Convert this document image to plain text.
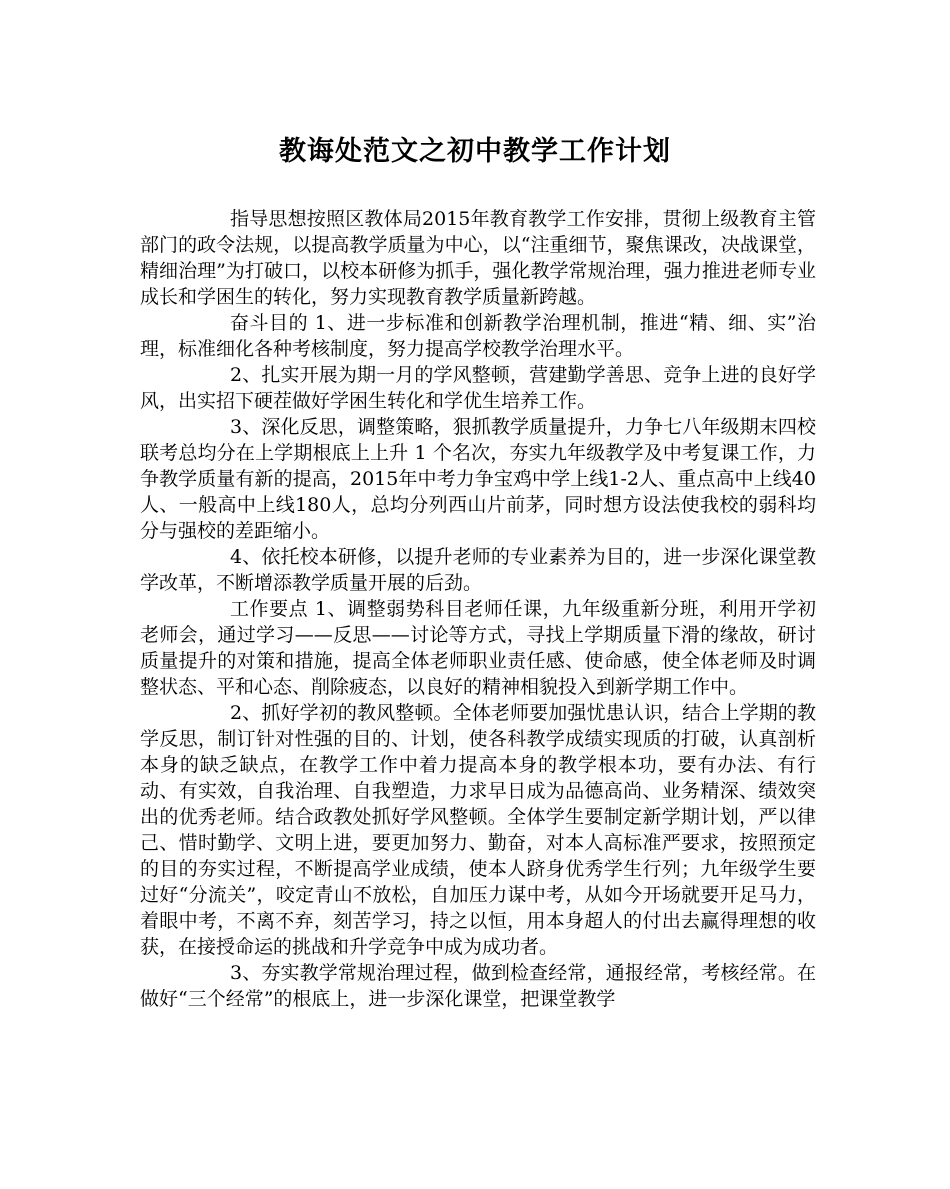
教诲处范文之初中教学工作计划

指导思想按照区教体局2015年教育教学工作安排，贯彻上级教育主管部门的政令法规，以提高教学质量为中心，以“注重细节，聚焦课改，决战课堂，精细治理”为打破口，以校本研修为抓手，强化教学常规治理，强力推进老师专业成长和学困生的转化，努力实现教育教学质量新跨越。

奋斗目的 1、进一步标准和创新教学治理机制，推进“精、细、实”治理，标准细化各种考核制度，努力提高学校教学治理水平。

2、扎实开展为期一月的学风整顿，营建勤学善思、竞争上进的良好学风，出实招下硬茬做好学困生转化和学优生培养工作。

3、深化反思，调整策略，狠抓教学质量提升，力争七八年级期末四校联考总均分在上学期根底上上升 1 个名次，夯实九年级教学及中考复课工作，力争教学质量有新的提高，2015年中考力争宝鸡中学上线1-2人、重点高中上线40人、一般高中上线180人，总均分列西山片前茅，同时想方设法使我校的弱科均分与强校的差距缩小。

4、依托校本研修，以提升老师的专业素养为目的，进一步深化课堂教学改革，不断增添教学质量开展的后劲。

工作要点 1、调整弱势科目老师任课，九年级重新分班，利用开学初老师会，通过学习——反思——讨论等方式，寻找上学期质量下滑的缘故，研讨质量提升的对策和措施，提高全体老师职业责任感、使命感，使全体老师及时调整状态、平和心态、削除疲态，以良好的精神相貌投入到新学期工作中。

2、抓好学初的教风整顿。全体老师要加强忧患认识，结合上学期的教学反思，制订针对性强的目的、计划，使各科教学成绩实现质的打破，认真剖析本身的缺乏缺点，在教学工作中着力提高本身的教学根本功，要有办法、有行动、有实效，自我治理、自我塑造，力求早日成为品德高尚、业务精深、绩效突出的优秀老师。结合政教处抓好学风整顿。全体学生要制定新学期计划，严以律己、惜时勤学、文明上进，要更加努力、勤奋，对本人高标准严要求，按照预定的目的夯实过程，不断提高学业成绩，使本人跻身优秀学生行列；九年级学生要过好“分流关”，咬定青山不放松，自加压力谋中考，从如今开场就要开足马力，着眼中考，不离不弃，刻苦学习，持之以恒，用本身超人的付出去赢得理想的收获，在接授命运的挑战和升学竞争中成为成功者。

3、夯实教学常规治理过程，做到检查经常，通报经常，考核经常。在做好“三个经常”的根底上，进一步深化课堂，把课堂教学
